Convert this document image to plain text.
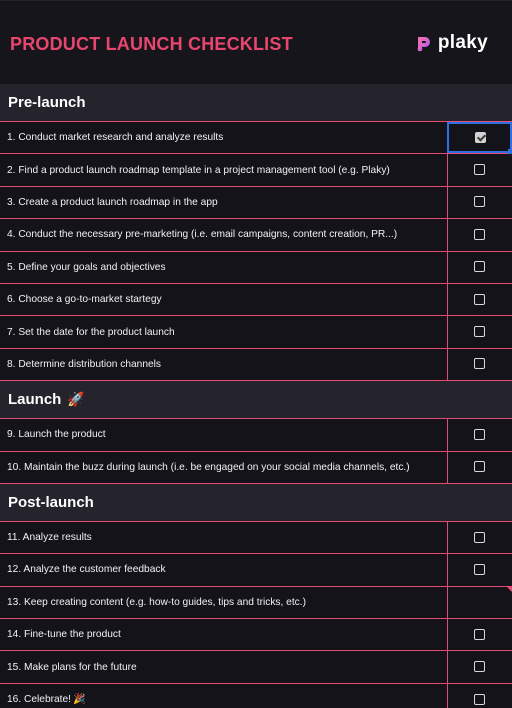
PRODUCT LAUNCH CHECKLIST	plaky
Pre-launch
1. Conduct market research and analyze results
2. Find a product launch roadmap template in a project management tool (e.g. Plaky)
3. Create a product launch roadmap in the app
4. Conduct the necessary pre-marketing (i.e. email campaigns, content creation, PR...)
5. Define your goals and objectives
6. Choose a go-to-market startegy
7. Set the date for the product launch
8. Determine distribution channels
Launch 🚀
9. Launch the product
10. Maintain the buzz during launch (i.e. be engaged on your social media channels, etc.)
Post-launch
11. Analyze results
12. Analyze the customer feedback
13. Keep creating content (e.g. how-to guides, tips and tricks, etc.)
14. Fine-tune the product
15. Make plans for the future
16. Celebrate! 🎉
